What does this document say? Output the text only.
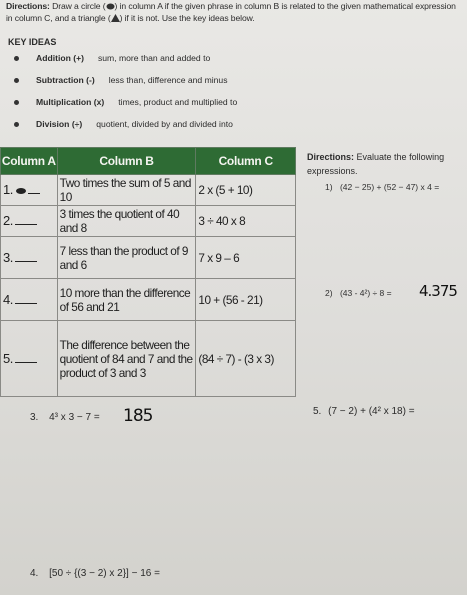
Directions: Draw a circle ( ) in column A if the given phrase in column B is related to the given mathematical expression in column C, and a triangle ( ) if it is not. Use the key ideas below.
KEY IDEAS
Addition (+) sum, more than and added to
Subtraction (-) less than, difference and minus
Multiplication (x) times, product and multiplied to
Division (÷) quotient, divided by and divided into
Column A	Column B	Column C
1.	Two times the sum of 5 and 10	2 x (5 + 10)
2.	3 times the quotient of 40 and 8	3 ÷ 40 x 8
3.	7 less than the product of 9 and 6	7 x 9 – 6
4.	10 more than the difference of 56 and 21	10 + (56 - 21)
5.	The difference between the quotient of 84 and 7 and the product of 3 and 3	(84 ÷ 7) - (3 x 3)
Directions: Evaluate the following expressions.
1) (42 − 25) + (52 − 47) x 4 =
2) (43 - 4²) ÷ 8 = 4.375
3. 4³ x 3 − 7 = 185
4. [50 ÷ {(3 − 2) x 2}] − 16 =
5. (7 − 2) + (4² x 18) =
